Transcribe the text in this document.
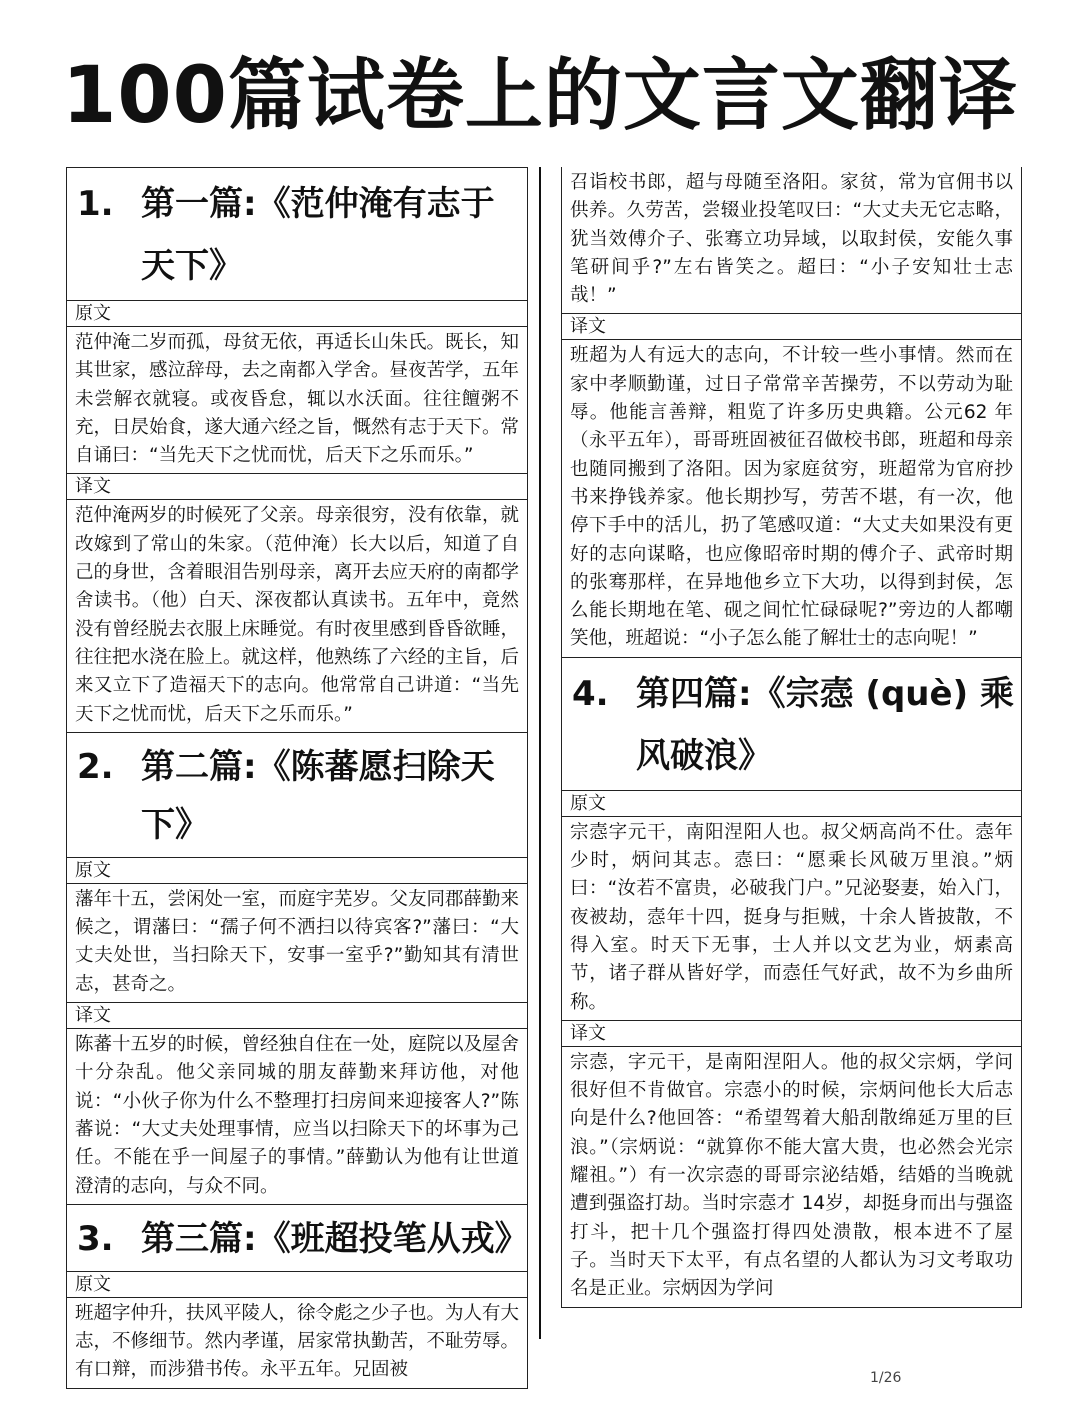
100篇试卷上的文言文翻译
1. 第一篇:《范仲淹有志于天下》
原文
范仲淹二岁而孤，母贫无依，再适长山朱氏。既长，知其世家，感泣辞母，去之南都入学舍。昼夜苦学，五年未尝解衣就寝。或夜昏怠，辄以水沃面。往往饘粥不充，日昃始食，遂大通六经之旨，慨然有志于天下。常自诵曰：“当先天下之忧而忧，后天下之乐而乐。”
译文
范仲淹两岁的时候死了父亲。母亲很穷，没有依靠，就改嫁到了常山的朱家。（范仲淹）长大以后，知道了自己的身世，含着眼泪告别母亲，离开去应天府的南都学舍读书。（他）白天、深夜都认真读书。五年中，竟然没有曾经脱去衣服上床睡觉。有时夜里感到昏昏欲睡，往往把水浇在脸上。就这样，他熟练了六经的主旨，后来又立下了造福天下的志向。他常常自己讲道：“当先天下之忧而忧，后天下之乐而乐。”
2. 第二篇:《陈蕃愿扫除天下》
原文
藩年十五，尝闲处一室，而庭宇芜岁。父友同郡薛勤来候之，谓藩曰：“孺子何不洒扫以待宾客?”藩曰：“大丈夫处世，当扫除天下，安事一室乎?”勤知其有清世志，甚奇之。
译文
陈蕃十五岁的时候，曾经独自住在一处，庭院以及屋舍十分杂乱。他父亲同城的朋友薛勤来拜访他，对他说：“小伙子你为什么不整理打扫房间来迎接客人?”陈蕃说：“大丈夫处理事情，应当以扫除天下的坏事为己任。不能在乎一间屋子的事情。”薛勤认为他有让世道澄清的志向，与众不同。
3. 第三篇:《班超投笔从戎》
原文
班超字仲升，扶风平陵人，徐令彪之少子也。为人有大志，不修细节。然内孝谨，居家常执勤苦，不耻劳辱。有口辩，而涉猎书传。永平五年。兄固被
召诣校书郎，超与母随至洛阳。家贫，常为官佣书以供养。久劳苦，尝辍业投笔叹曰：“大丈夫无它志略，犹当效傅介子、张骞立功异域，以取封侯，安能久事笔研间乎?”左右皆笑之。超曰：“小子安知壮士志哉！”
译文
班超为人有远大的志向，不计较一些小事情。然而在家中孝顺勤谨，过日子常常辛苦操劳，不以劳动为耻辱。他能言善辩，粗览了许多历史典籍。公元62 年（永平五年），哥哥班固被征召做校书郎，班超和母亲也随同搬到了洛阳。因为家庭贫穷，班超常为官府抄书来挣钱养家。他长期抄写，劳苦不堪，有一次，他停下手中的活儿，扔了笔感叹道：“大丈夫如果没有更好的志向谋略，也应像昭帝时期的傅介子、武帝时期的张骞那样，在异地他乡立下大功，以得到封侯，怎么能长期地在笔、砚之间忙忙碌碌呢?”旁边的人都嘲笑他，班超说：“小子怎么能了解壮士的志向呢！”
4. 第四篇:《宗悫 (què) 乘风破浪》
原文
宗悫字元干，南阳涅阳人也。叔父炳高尚不仕。悫年少时，炳问其志。悫曰：“愿乘长风破万里浪。”炳曰：“汝若不富贵，必破我门户。”兄泌娶妻，始入门，夜被劫，悫年十四，挺身与拒贼，十余人皆披散，不得入室。时天下无事，士人并以文艺为业，炳素高节，诸子群从皆好学，而悫任气好武，故不为乡曲所称。
译文
宗悫，字元干，是南阳涅阳人。他的叔父宗炳，学问很好但不肯做官。宗悫小的时候，宗炳问他长大后志向是什么?他回答：“希望驾着大船刮散绵延万里的巨浪。”（宗炳说：“就算你不能大富大贵，也必然会光宗耀祖。”）有一次宗悫的哥哥宗泌结婚，结婚的当晚就遭到强盗打劫。当时宗悫才 14岁，却挺身而出与强盗打斗，把十几个强盗打得四处溃散，根本进不了屋子。当时天下太平，有点名望的人都认为习文考取功名是正业。宗炳因为学问
1/26
